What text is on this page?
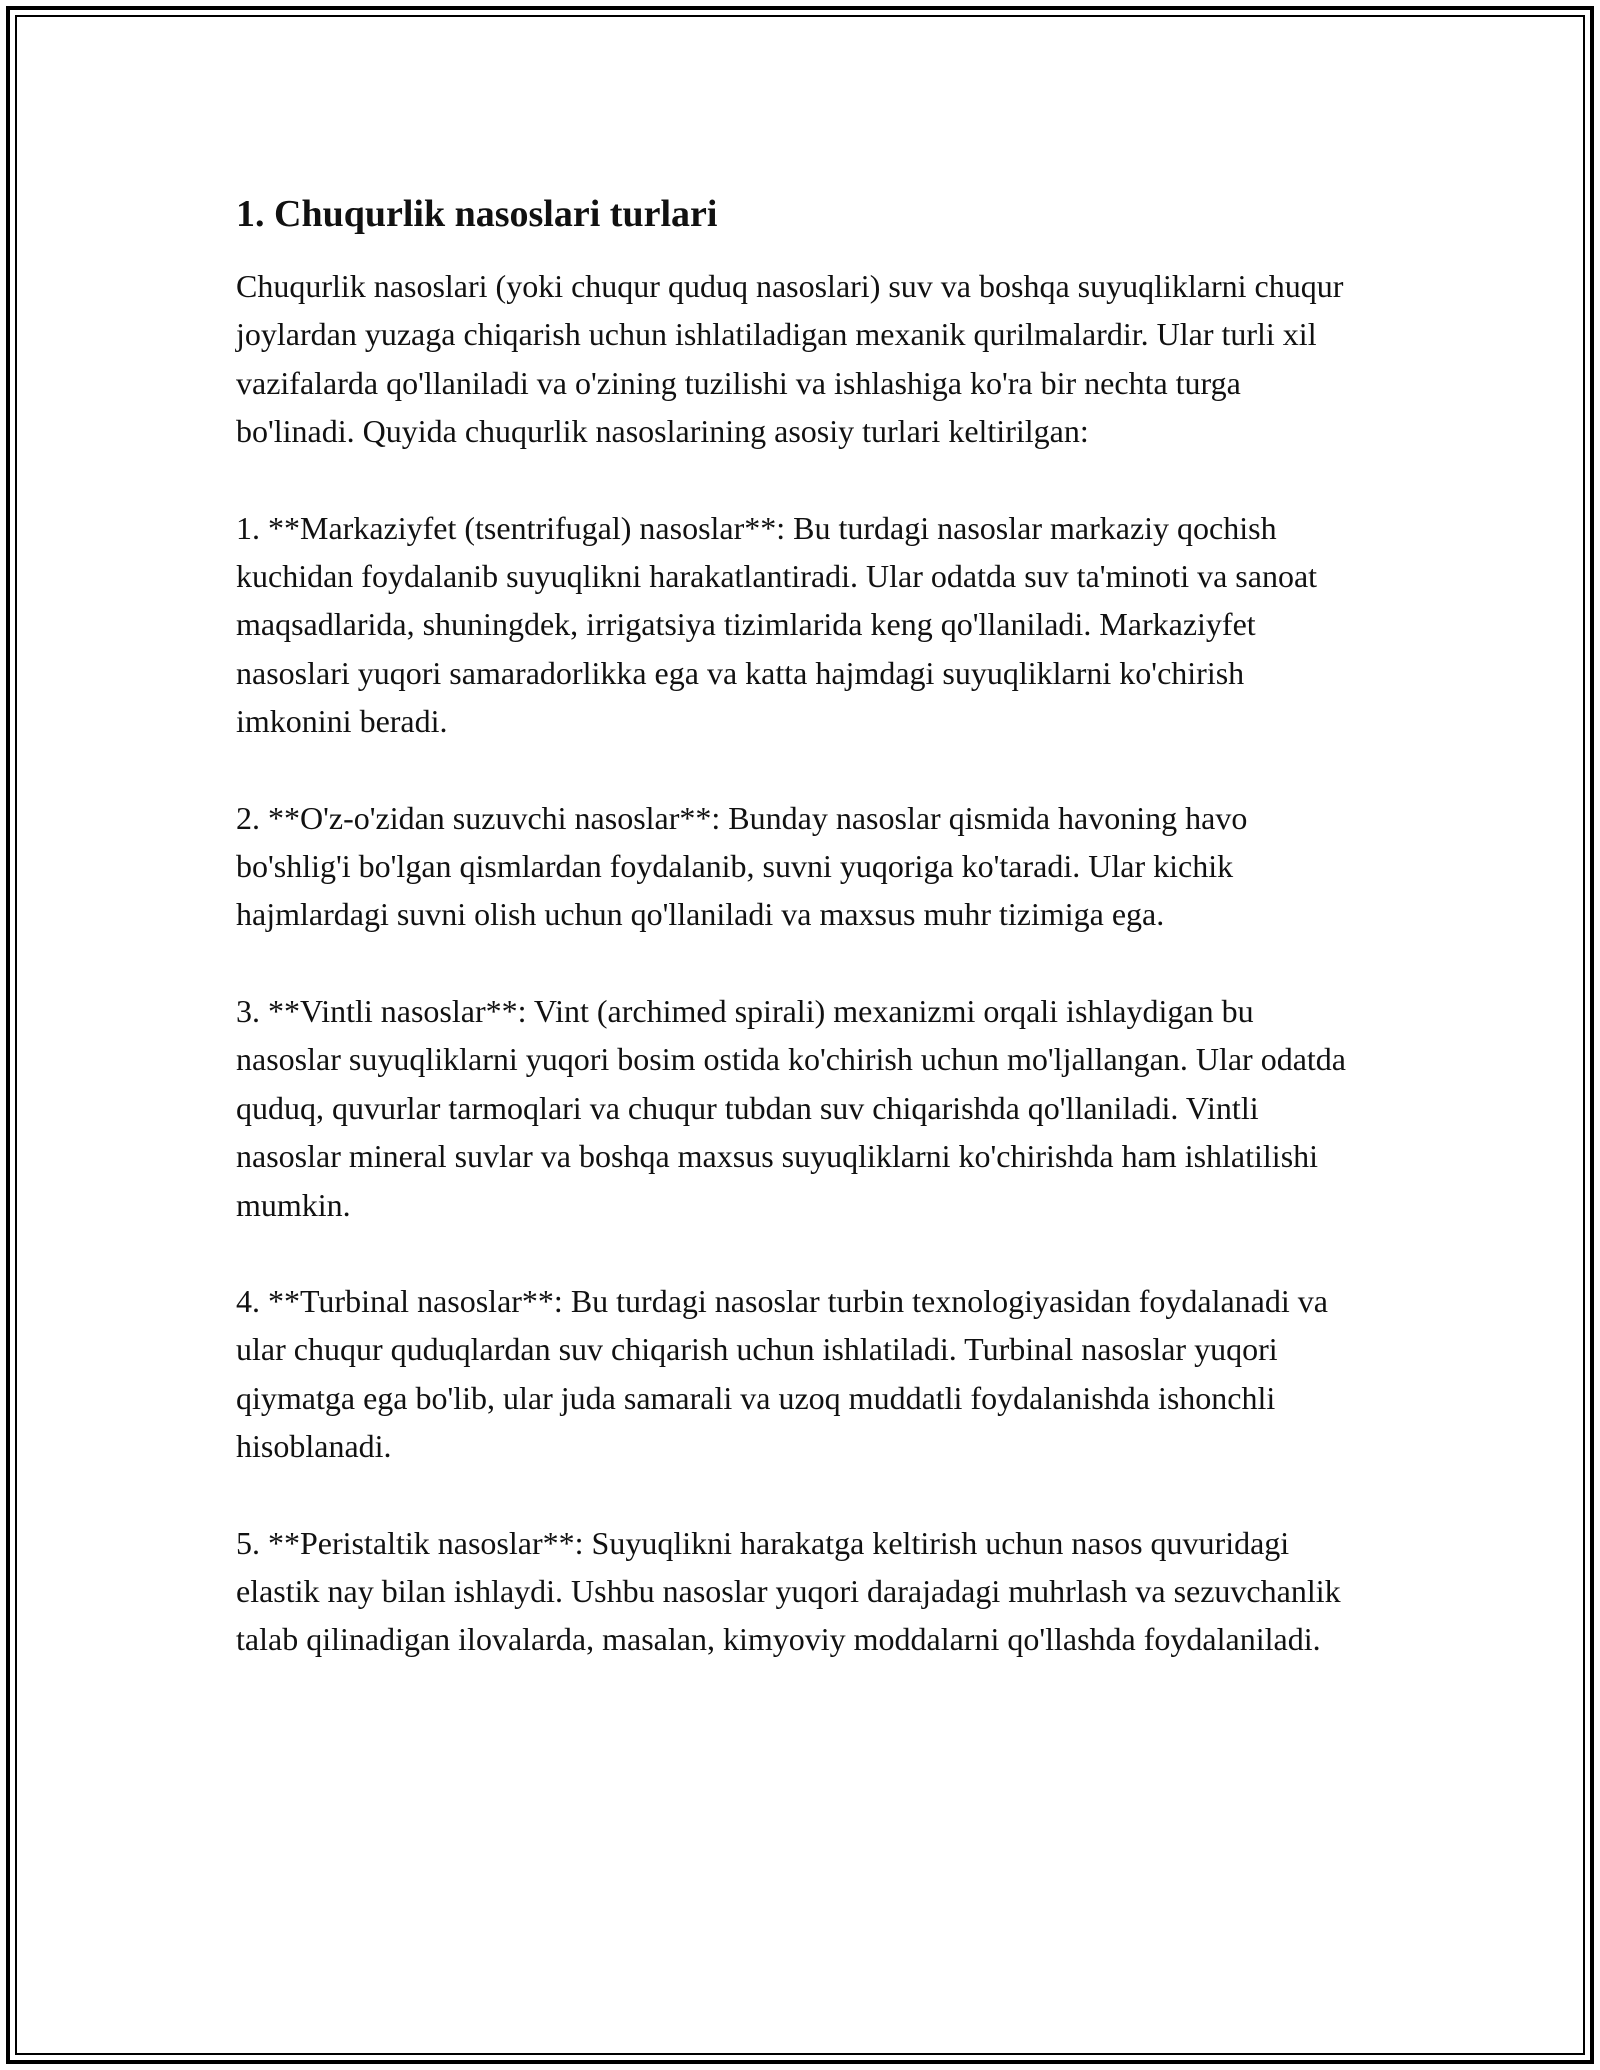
1. Chuqurlik nasoslari turlari

Chuqurlik nasoslari (yoki chuqur quduq nasoslari) suv va boshqa suyuqliklarni chuqur joylardan yuzaga chiqarish uchun ishlatiladigan mexanik qurilmalardir. Ular turli xil vazifalarda qo'llaniladi va o'zining tuzilishi va ishlashiga ko'ra bir nechta turga bo'linadi. Quyida chuqurlik nasoslarining asosiy turlari keltirilgan:

1. **Markaziyfet (tsentrifugal) nasoslar**: Bu turdagi nasoslar markaziy qochish kuchidan foydalanib suyuqlikni harakatlantiradi. Ular odatda suv ta'minoti va sanoat maqsadlarida, shuningdek, irrigatsiya tizimlarida keng qo'llaniladi. Markaziyfet nasoslari yuqori samaradorlikka ega va katta hajmdagi suyuqliklarni ko'chirish imkonini beradi.

2. **O'z-o'zidan suzuvchi nasoslar**: Bunday nasoslar qismida havoning havo bo'shlig'i bo'lgan qismlardan foydalanib, suvni yuqoriga ko'taradi. Ular kichik hajmlardagi suvni olish uchun qo'llaniladi va maxsus muhr tizimiga ega.

3. **Vintli nasoslar**: Vint (archimed spirali) mexanizmi orqali ishlaydigan bu nasoslar suyuqliklarni yuqori bosim ostida ko'chirish uchun mo'ljallangan. Ular odatda quduq, quvurlar tarmoqlari va chuqur tubdan suv chiqarishda qo'llaniladi. Vintli nasoslar mineral suvlar va boshqa maxsus suyuqliklarni ko'chirishda ham ishlatilishi mumkin.

4. **Turbinal nasoslar**: Bu turdagi nasoslar turbin texnologiyasidan foydalanadi va ular chuqur quduqlardan suv chiqarish uchun ishlatiladi. Turbinal nasoslar yuqori qiymatga ega bo'lib, ular juda samarali va uzoq muddatli foydalanishda ishonchli hisoblanadi.

5. **Peristaltik nasoslar**: Suyuqlikni harakatga keltirish uchun nasos quvuridagi elastik nay bilan ishlaydi. Ushbu nasoslar yuqori darajadagi muhrlash va sezuvchanlik talab qilinadigan ilovalarda, masalan, kimyoviy moddalarni qo'llashda foydalaniladi.
